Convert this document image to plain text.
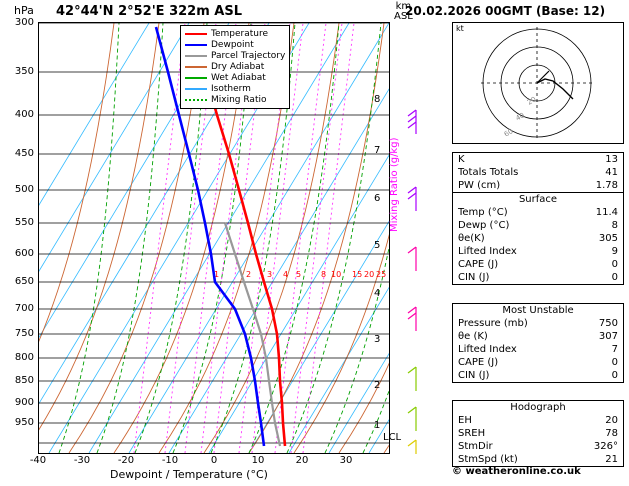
hPa 42°44'N 2°52'E 322m ASL	km
ASL
20.02.2026 00GMT (Base: 12)
1	2 3 4 5 8 10 15 20 25
300
350
400
450
500
550
600
650
700
750
800
850
900
950
-40	-30	-20	-10	0	10	20	30
Dewpoint / Temperature (°C)
Temperature
Dewpoint
Parcel Trajectory
Dry Adiabat
Wet Adiabat
Isotherm
Mixing Ratio	8
7
6
5
4
3
2
1
Mixing Ratio (g/kg)
LCL
kt
20
40
60
K	13
Totals Totals	41
PW (cm)	1.78
Surface
Temp (°C)	11.4
Dewp (°C)	8
θe(K)	305
Lifted Index	9
CAPE (J)	0
CIN (J)	0
Most Unstable
Pressure (mb)	750
θe (K)	307
Lifted Index	7
CAPE (J)	0
CIN (J)	0
Hodograph
EH	20
SREH	78
StmDir	326°
StmSpd (kt)	21
© weatheronline.co.uk
